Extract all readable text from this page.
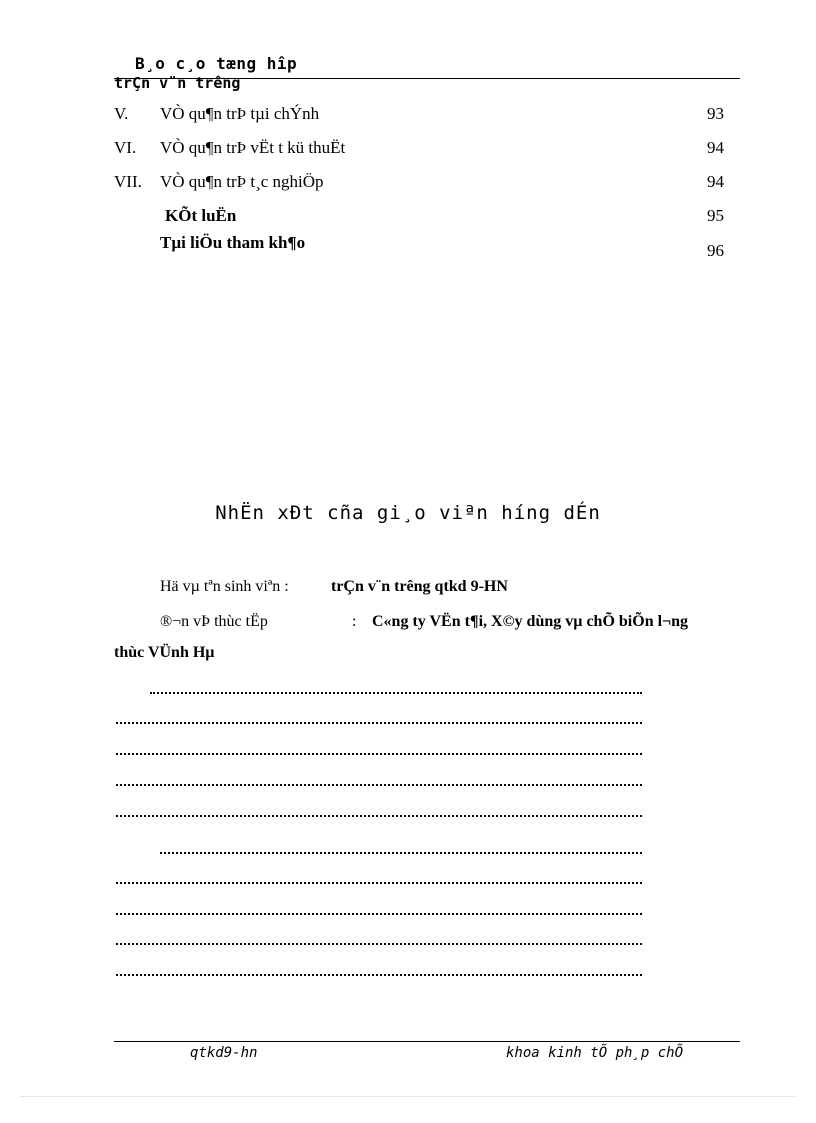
B¸o c¸o tæng hîp
trÇn v¨n trêng
V. VÒ qu¶n trÞ tµi chÝnh	93
VI. VÒ qu¶n trÞ vËt t kü thuËt	94
VII. VÒ qu¶n trÞ t¸c nghiÖp	94
KÕt luËn	95
Tµi liÖu tham kh¶o	96
NhËn xÐt cña gi¸o viªn híng dÉn
Hä vµ tªn sinh viªn :	trÇn v¨n trêng qtkd 9-HN
®¬n vÞ thùc tËp	: C«ng ty VËn t¶i, X©y dùng vµ chÕ biÕn l¬ng
thùc VÜnh Hµ
qtkd9-hn	khoa kinh tÕ ph¸p chÕ
